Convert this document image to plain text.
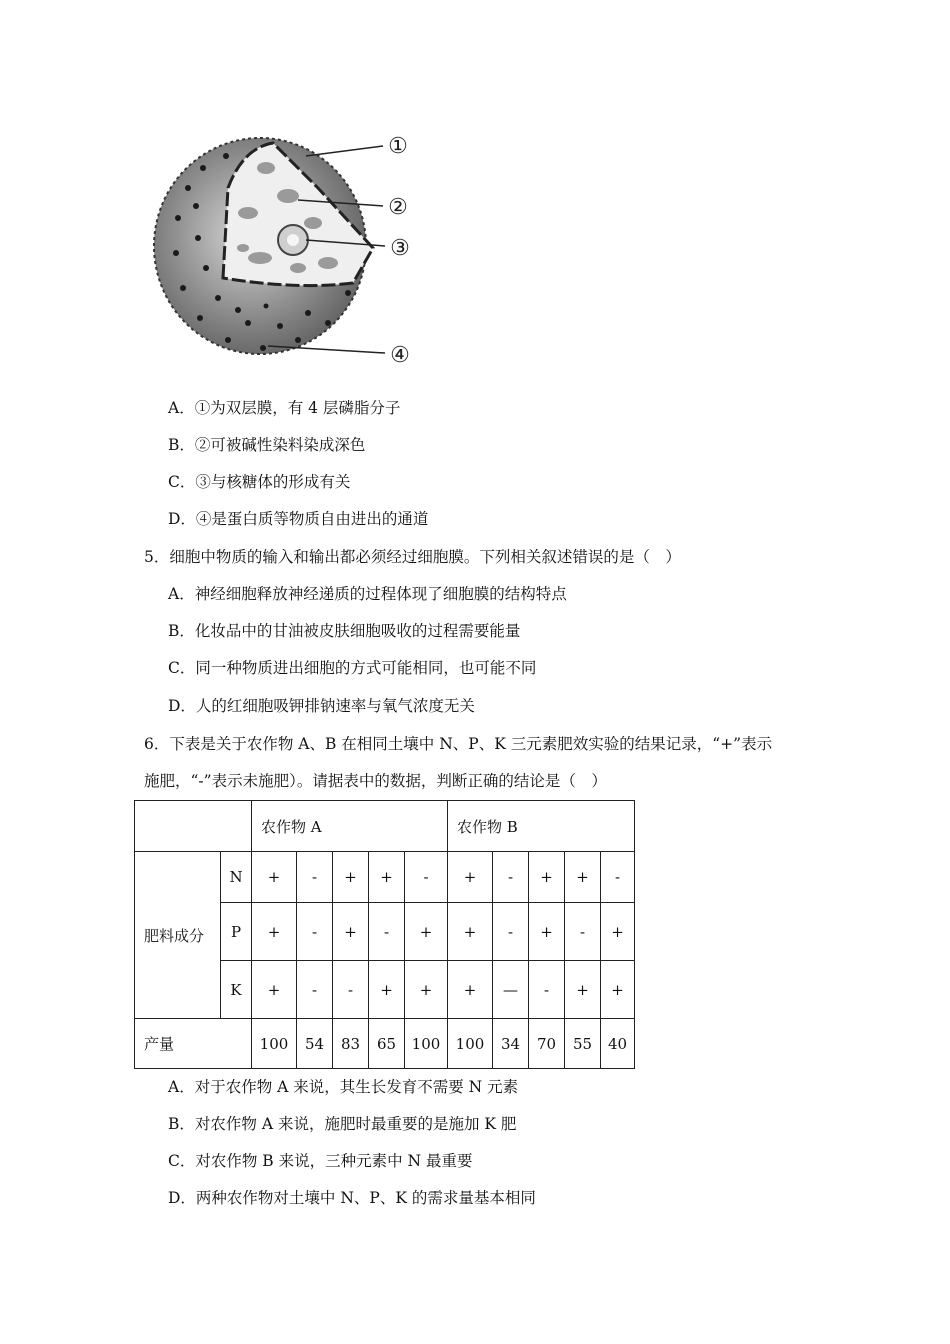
①
②
③
④
A．①为双层膜，有 4 层磷脂分子
B．②可被碱性染料染成深色
C．③与核糖体的形成有关
D．④是蛋白质等物质自由进出的通道
5．细胞中物质的输入和输出都必须经过细胞膜。下列相关叙述错误的是（　）
A．神经细胞释放神经递质的过程体现了细胞膜的结构特点
B．化妆品中的甘油被皮肤细胞吸收的过程需要能量
C．同一种物质进出细胞的方式可能相同，也可能不同
D．人的红细胞吸钾排钠速率与氧气浓度无关
6．下表是关于农作物 A、B 在相同土壤中 N、P、K 三元素肥效实验的结果记录，“+”表示
施肥，“-”表示未施肥）。请据表中的数据，判断正确的结论是（　）
		农作物 A					农作物 B				
肥料成分	N	+	-	+	+	-	+	-	+	+	-
	P	+	-	+	-	+	+	-	+	-	+
	K	+	-	-	+	+	+	—	-	+	+
产量		100	54	83	65	100	100	34	70	55	40
A．对于农作物 A 来说，其生长发育不需要 N 元素
B．对农作物 A 来说，施肥时最重要的是施加 K 肥
C．对农作物 B 来说，三种元素中 N 最重要
D．两种农作物对土壤中 N、P、K 的需求量基本相同
